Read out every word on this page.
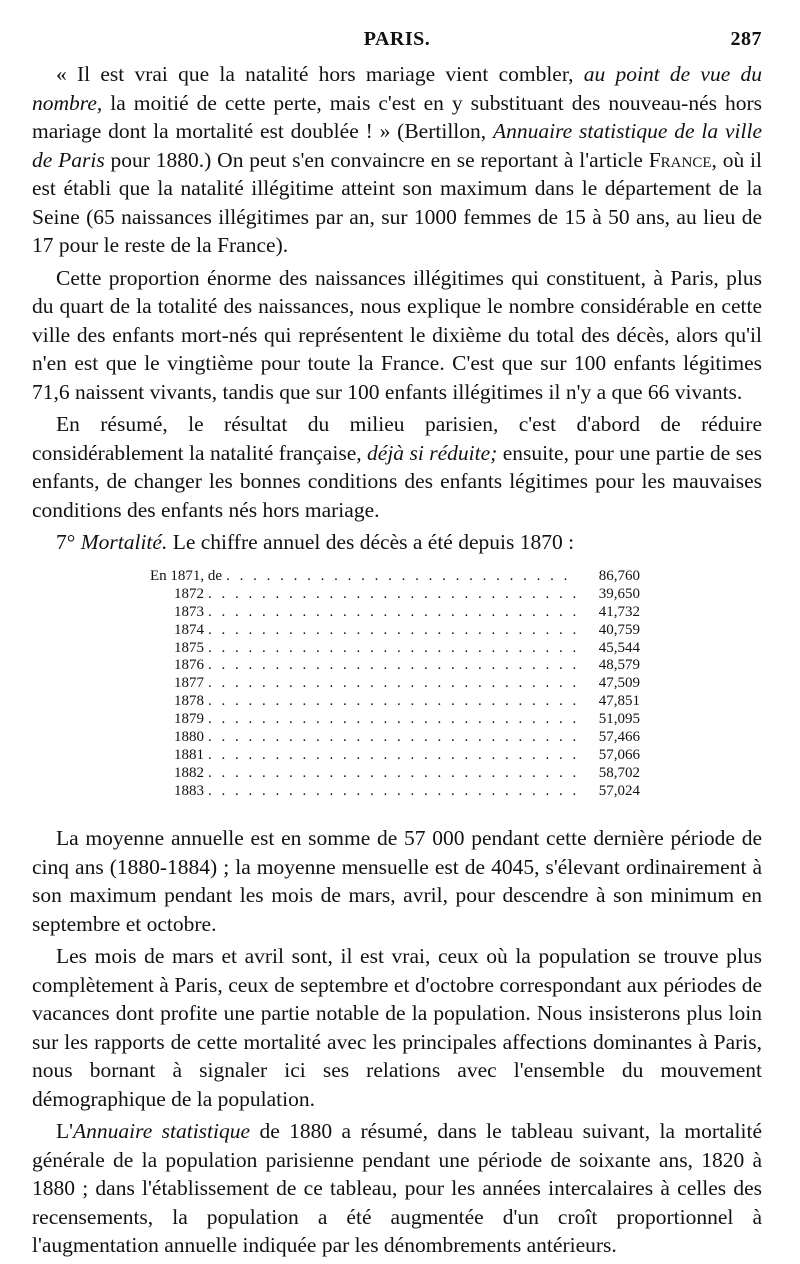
PARIS.	287

« Il est vrai que la natalité hors mariage vient combler, au point de vue du nombre, la moitié de cette perte, mais c'est en y substituant des nouveau-nés hors mariage dont la mortalité est doublée ! » (Bertillon, Annuaire statistique de la ville de Paris pour 1880.) On peut s'en convaincre en se reportant à l'article France, où il est établi que la natalité illégitime atteint son maximum dans le département de la Seine (65 naissances illégitimes par an, sur 1000 femmes de 15 à 50 ans, au lieu de 17 pour le reste de la France).

Cette proportion énorme des naissances illégitimes qui constituent, à Paris, plus du quart de la totalité des naissances, nous explique le nombre considérable en cette ville des enfants mort-nés qui représentent le dixième du total des décès, alors qu'il n'en est que le vingtième pour toute la France. C'est que sur 100 enfants légitimes 71,6 naissent vivants, tandis que sur 100 enfants illégitimes il n'y a que 66 vivants.

En résumé, le résultat du milieu parisien, c'est d'abord de réduire considérablement la natalité française, déjà si réduite; ensuite, pour une partie de ses enfants, de changer les bonnes conditions des enfants légitimes pour les mauvaises conditions des enfants nés hors mariage.

7° Mortalité. Le chiffre annuel des décès a été depuis 1870 :

En 1871, de . . .	86,760
1872 . . .	39,650
1873 . . .	41,732
1874 . . .	40,759
1875 . . .	45,544
1876 . . .	48,579
1877 . . .	47,509
1878 . . .	47,851
1879 . . .	51,095
1880 . . .	57,466
1881 . . .	57,066
1882 . . .	58,702
1883 . . .	57,024

La moyenne annuelle est en somme de 57 000 pendant cette dernière période de cinq ans (1880-1884) ; la moyenne mensuelle est de 4045, s'élevant ordinairement à son maximum pendant les mois de mars, avril, pour descendre à son minimum en septembre et octobre.

Les mois de mars et avril sont, il est vrai, ceux où la population se trouve plus complètement à Paris, ceux de septembre et d'octobre correspondant aux périodes de vacances dont profite une partie notable de la population. Nous insisterons plus loin sur les rapports de cette mortalité avec les principales affections dominantes à Paris, nous bornant à signaler ici ses relations avec l'ensemble du mouvement démographique de la population.

L'Annuaire statistique de 1880 a résumé, dans le tableau suivant, la mortalité générale de la population parisienne pendant une période de soixante ans, 1820 à 1880 ; dans l'établissement de ce tableau, pour les années intercalaires à celles des recensements, la population a été augmentée d'un croît proportionnel à l'augmentation annuelle indiquée par les dénombrements antérieurs.
